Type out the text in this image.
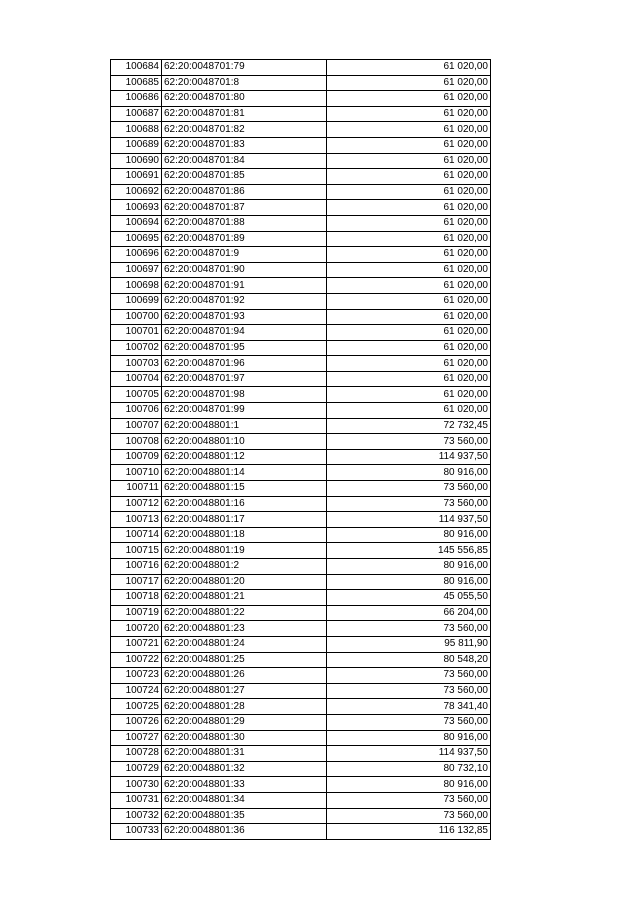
100684	62:20:0048701:79	61 020,00
100685	62:20:0048701:8	61 020,00
100686	62:20:0048701:80	61 020,00
100687	62:20:0048701:81	61 020,00
100688	62:20:0048701:82	61 020,00
100689	62:20:0048701:83	61 020,00
100690	62:20:0048701:84	61 020,00
100691	62:20:0048701:85	61 020,00
100692	62:20:0048701:86	61 020,00
100693	62:20:0048701:87	61 020,00
100694	62:20:0048701:88	61 020,00
100695	62:20:0048701:89	61 020,00
100696	62:20:0048701:9	61 020,00
100697	62:20:0048701:90	61 020,00
100698	62:20:0048701:91	61 020,00
100699	62:20:0048701:92	61 020,00
100700	62:20:0048701:93	61 020,00
100701	62:20:0048701:94	61 020,00
100702	62:20:0048701:95	61 020,00
100703	62:20:0048701:96	61 020,00
100704	62:20:0048701:97	61 020,00
100705	62:20:0048701:98	61 020,00
100706	62:20:0048701:99	61 020,00
100707	62:20:0048801:1	72 732,45
100708	62:20:0048801:10	73 560,00
100709	62:20:0048801:12	114 937,50
100710	62:20:0048801:14	80 916,00
100711	62:20:0048801:15	73 560,00
100712	62:20:0048801:16	73 560,00
100713	62:20:0048801:17	114 937,50
100714	62:20:0048801:18	80 916,00
100715	62:20:0048801:19	145 556,85
100716	62:20:0048801:2	80 916,00
100717	62:20:0048801:20	80 916,00
100718	62:20:0048801:21	45 055,50
100719	62:20:0048801:22	66 204,00
100720	62:20:0048801:23	73 560,00
100721	62:20:0048801:24	95 811,90
100722	62:20:0048801:25	80 548,20
100723	62:20:0048801:26	73 560,00
100724	62:20:0048801:27	73 560,00
100725	62:20:0048801:28	78 341,40
100726	62:20:0048801:29	73 560,00
100727	62:20:0048801:30	80 916,00
100728	62:20:0048801:31	114 937,50
100729	62:20:0048801:32	80 732,10
100730	62:20:0048801:33	80 916,00
100731	62:20:0048801:34	73 560,00
100732	62:20:0048801:35	73 560,00
100733	62:20:0048801:36	116 132,85
